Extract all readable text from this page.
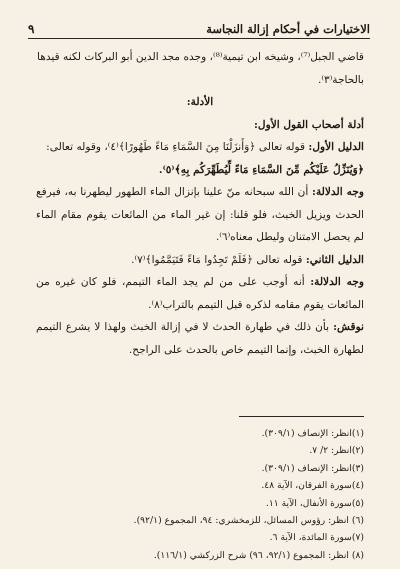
الاختيارات في أحكام إزالة النجاسة
٩

قاضي الجبل⁽⁷⁾، وشيخه ابن تيمية⁽⁸⁾، وجده مجد الدين أبو البركات لكنه قيدها

بالحاجة⁽٣⁾.

الأدلة:

أدلة أصحاب القول الأول:

الدليل الأول: قوله تعالى ﴿وَأَنزَلْنَا مِنَ السَّمَاءِ مَاءً طَهُورًا﴾⁽٤⁾، وقوله تعالى:

﴿وَيُنَزِّلُ عَلَيْكُم مِّنَ السَّمَاءِ مَاءً لِّيُطَهِّرَكُم بِهِ﴾⁽٥⁾.

وجه الدلالة: أن الله سبحانه منّ علينا بإنزال الماء الطهور ليطهرنا به، فيرفع الحدث ويزيل الخبث، فلو قلنا: إن غير الماء من المائعات يقوم مقام الماء لم يحصل الامتنان وليطل معناه⁽٦⁾.

الدليل الثاني: قوله تعالى ﴿فَلَمْ تَجِدُوا مَاءً فَتَيَمَّمُوا﴾⁽٧⁾.

وجه الدلالة: أنه أوجب على من لم يجد الماء التيمم، فلو كان غيره من المائعات يقوم مقامه لذكره قبل التيمم بالتراب⁽٨⁾.

نوقش: بأن ذلك في طهارة الحدث لا في إزالة الخبث ولهذا لا يشرع التيمم لطهارة الخبث، وإنما التيمم خاص بالحدث على الراجح.

(١)انظر: الإنصاف (٣٠٩/١).
(٢)انظر: ٢/ ٧.
(٣)انظر: الإنصاف (٣٠٩/١).
(٤)سورة الفرقان، الآية ٤٨.
(٥)سورة الأنفال، الآية ١١.
(٦) انظر: رؤوس المسائل، للزمخشري: ٩٤، المجموع (٩٢/١).
(٧)سورة المائدة، الآية ٦.
(٨) انظر: المجموع (٩٢/١، ٩٦) شرح الزركشي (١١٦/١).
